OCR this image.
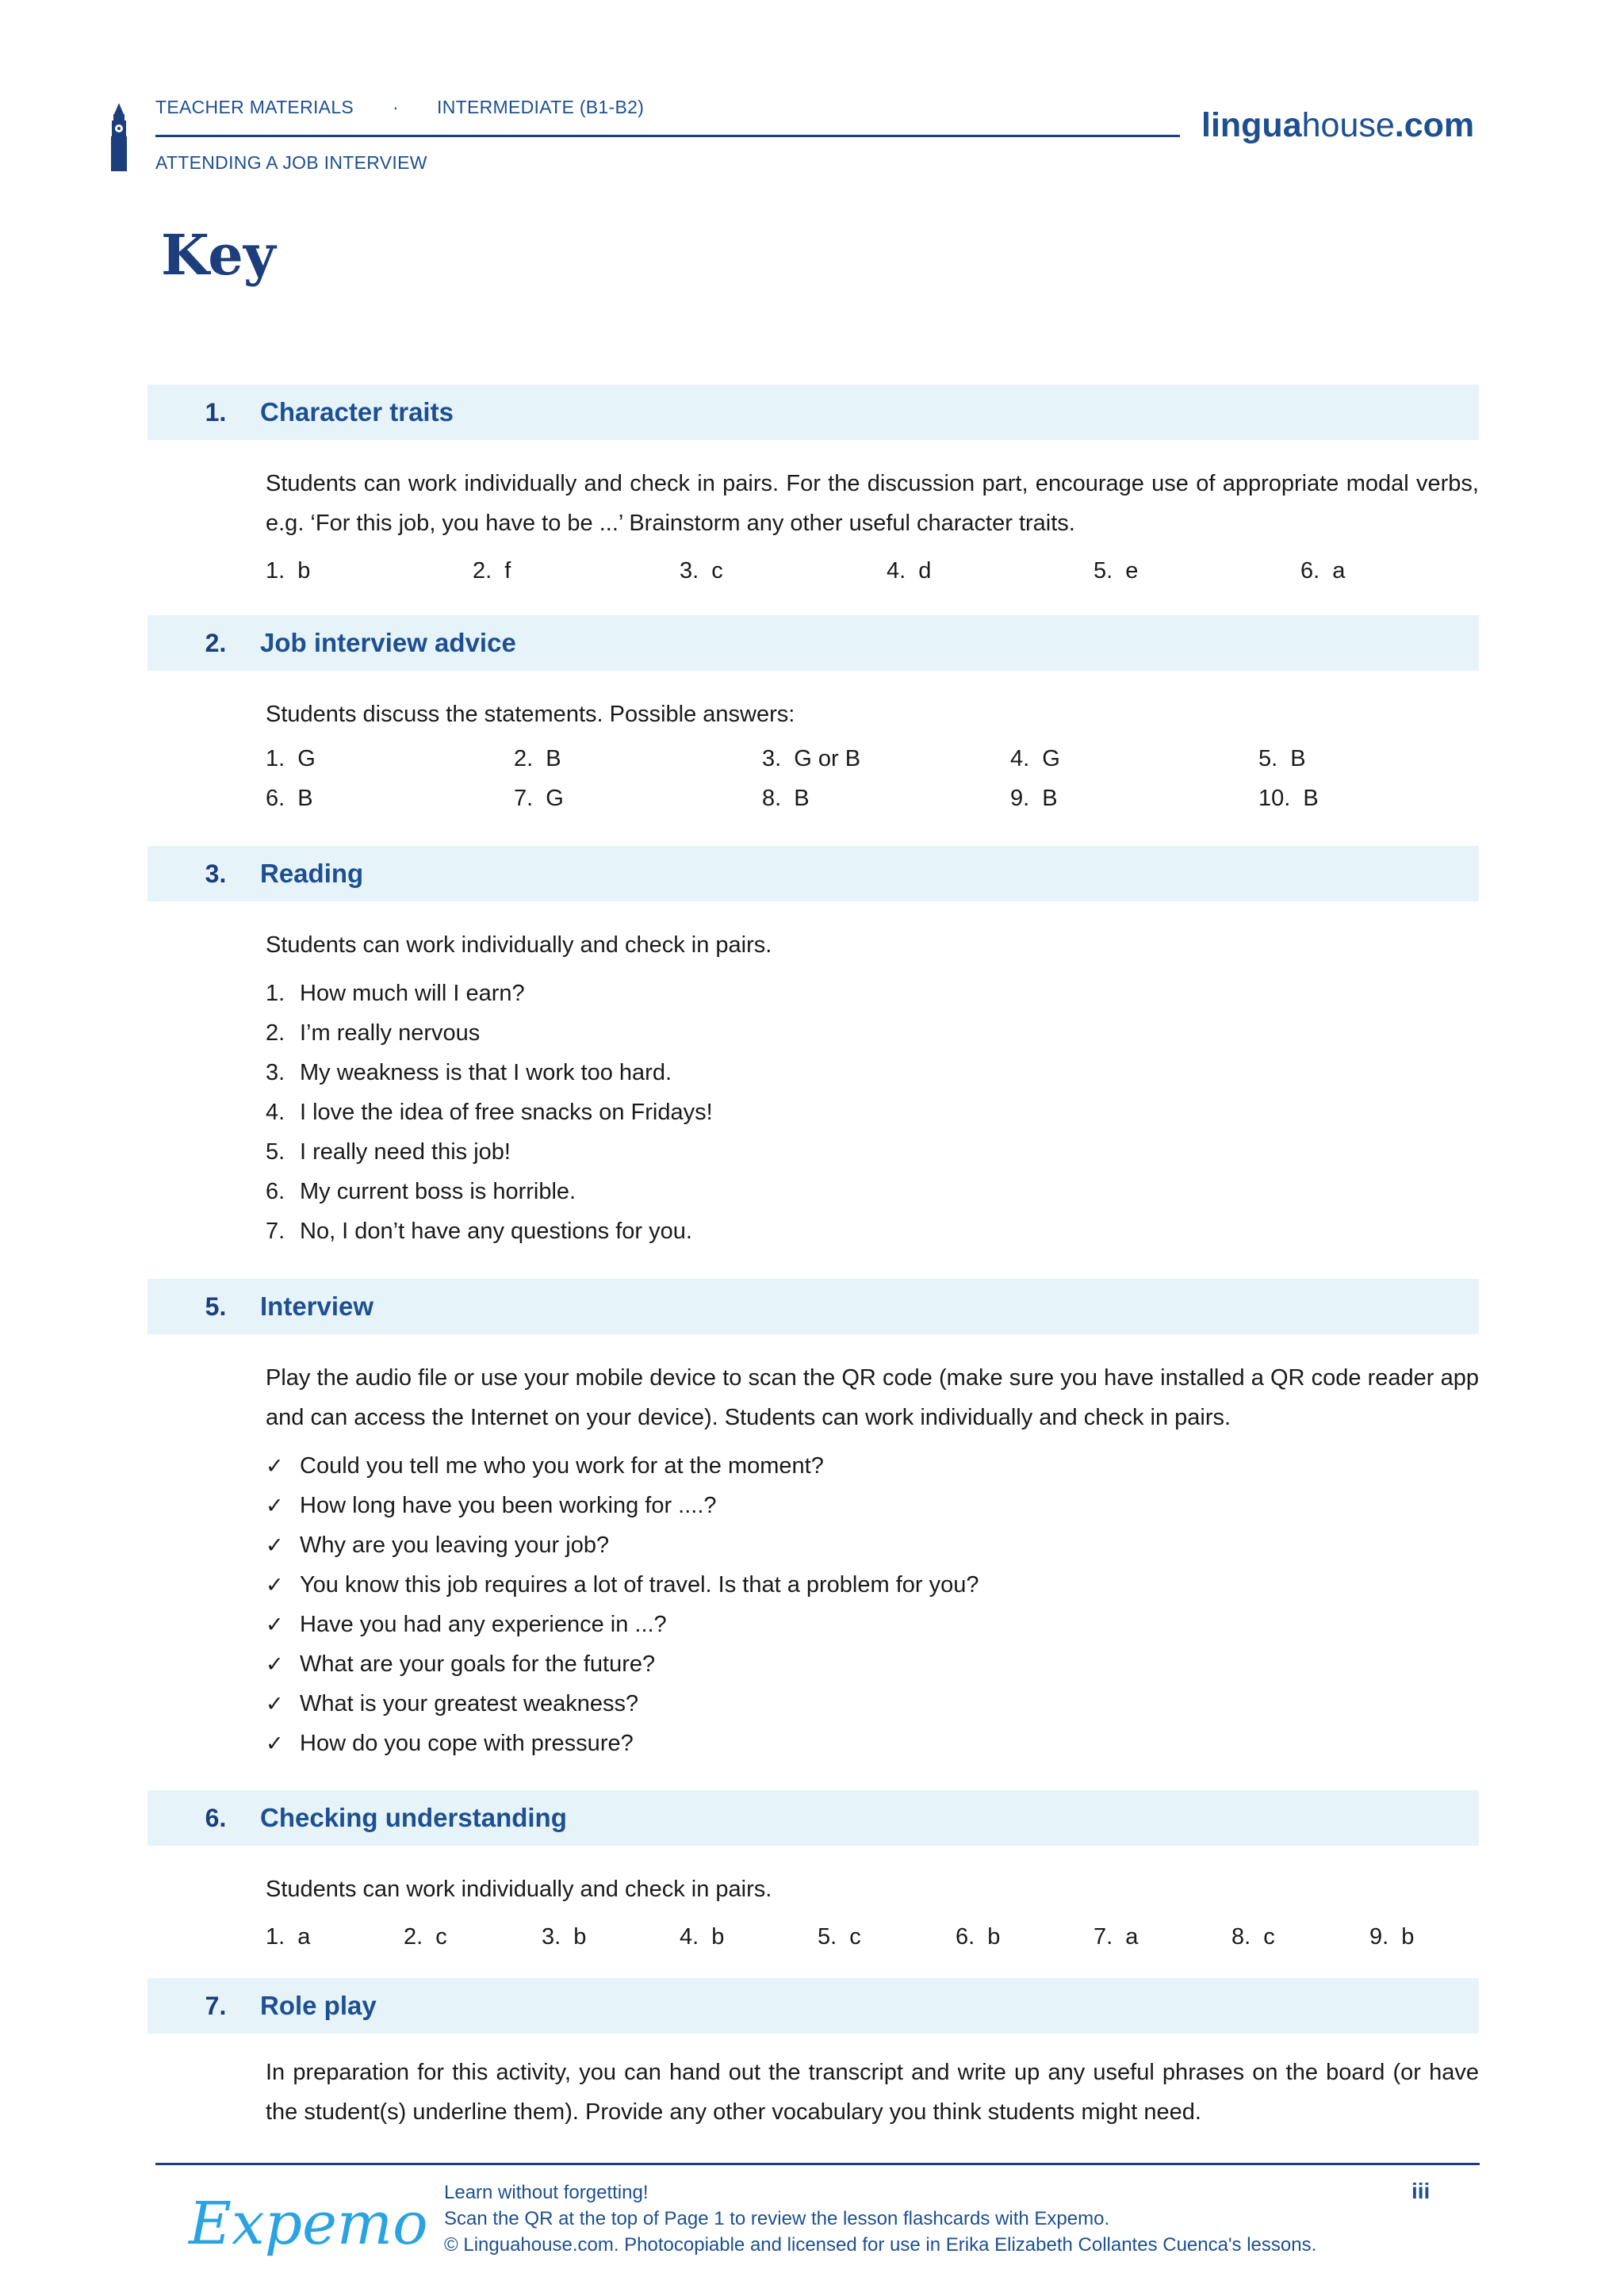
TEACHER MATERIALS · INTERMEDIATE (B1-B2)
ATTENDING A JOB INTERVIEW
linguahouse.com
Key
1. Character traits
Students can work individually and check in pairs. For the discussion part, encourage use of appropriate modal verbs, e.g. ‘For this job, you have to be ...’ Brainstorm any other useful character traits.
1.  b	2.  f	3.  c	4.  d	5.  e	6.  a
2. Job interview advice
Students discuss the statements. Possible answers:
1.  G	2.  B	3.  G or B	4.  G	5.  B
6.  B	7.  G	8.  B	9.  B	10.  B
3. Reading
Students can work individually and check in pairs.
1. How much will I earn?
2. I’m really nervous
3. My weakness is that I work too hard.
4. I love the idea of free snacks on Fridays!
5. I really need this job!
6. My current boss is horrible.
7. No, I don’t have any questions for you.
5. Interview
Play the audio file or use your mobile device to scan the QR code (make sure you have installed a QR code reader app and can access the Internet on your device). Students can work individually and check in pairs.
✓ Could you tell me who you work for at the moment?
✓ How long have you been working for ....?
✓ Why are you leaving your job?
✓ You know this job requires a lot of travel. Is that a problem for you?
✓ Have you had any experience in ...?
✓ What are your goals for the future?
✓ What is your greatest weakness?
✓ How do you cope with pressure?
6. Checking understanding
Students can work individually and check in pairs.
1.  a	2.  c	3.  b	4.  b	5.  c	6.  b	7.  a	8.  c	9.  b
7. Role play
In preparation for this activity, you can hand out the transcript and write up any useful phrases on the board (or have the student(s) underline them). Provide any other vocabulary you think students might need.
Expemo Learn without forgetting!
Scan the QR at the top of Page 1 to review the lesson flashcards with Expemo.
© Linguahouse.com. Photocopiable and licensed for use in Erika Elizabeth Collantes Cuenca's lessons.
iii
